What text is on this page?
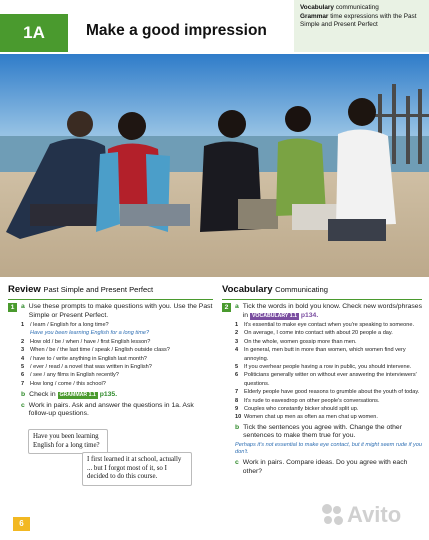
1A	Make a good impression
Vocabulary communicating
Grammar time expressions with the Past Simple and Present Perfect
Review Past Simple and Present Perfect
1 a Use these prompts to make questions with you. Use the Past Simple or Present Perfect.
1	/ learn / English for a long time?
Have you been learning English for a long time?
2	How old / be / when / have / first English lesson?
3	When / be / the last time / speak / English outside class?
4	/ have to / write anything in English last month?
5	/ ever / read / a novel that was written in English?
6	/ see / any films in English recently?
7	How long / come / this school?
b Check in GRAMMAR 1.1 p135.
c Work in pairs. Ask and answer the questions in 1a. Ask follow-up questions.
Have you been learning English for a long time?
I first learned it at school, actually ... but I forgot most of it, so I decided to do this course.
Vocabulary Communicating
2 a Tick the words in bold you know. Check new words/phrases in VOCABULARY 1.1 p134.
1	It's essential to make eye contact when you're speaking to someone.
2	On average, I come into contact with about 20 people a day.
3	On the whole, women gossip more than men.
4	In general, men butt in more than women, which women find very annoying.
5	If you overhear people having a row in public, you should intervene.
6	Politicians generally witter on without ever answering the interviewers' questions.
7	Elderly people have good reasons to grumble about the youth of today.
8	It's rude to eavesdrop on other people's conversations.
9	Couples who constantly bicker should split up.
10 Women chat up men as often as men chat up women.
b Tick the sentences you agree with. Change the other sentences to make them true for you.
Perhaps it's not essential to make eye contact, but it might seem rude if you don't.
c Work in pairs. Compare ideas. Do you agree with each other?
6	Avito
